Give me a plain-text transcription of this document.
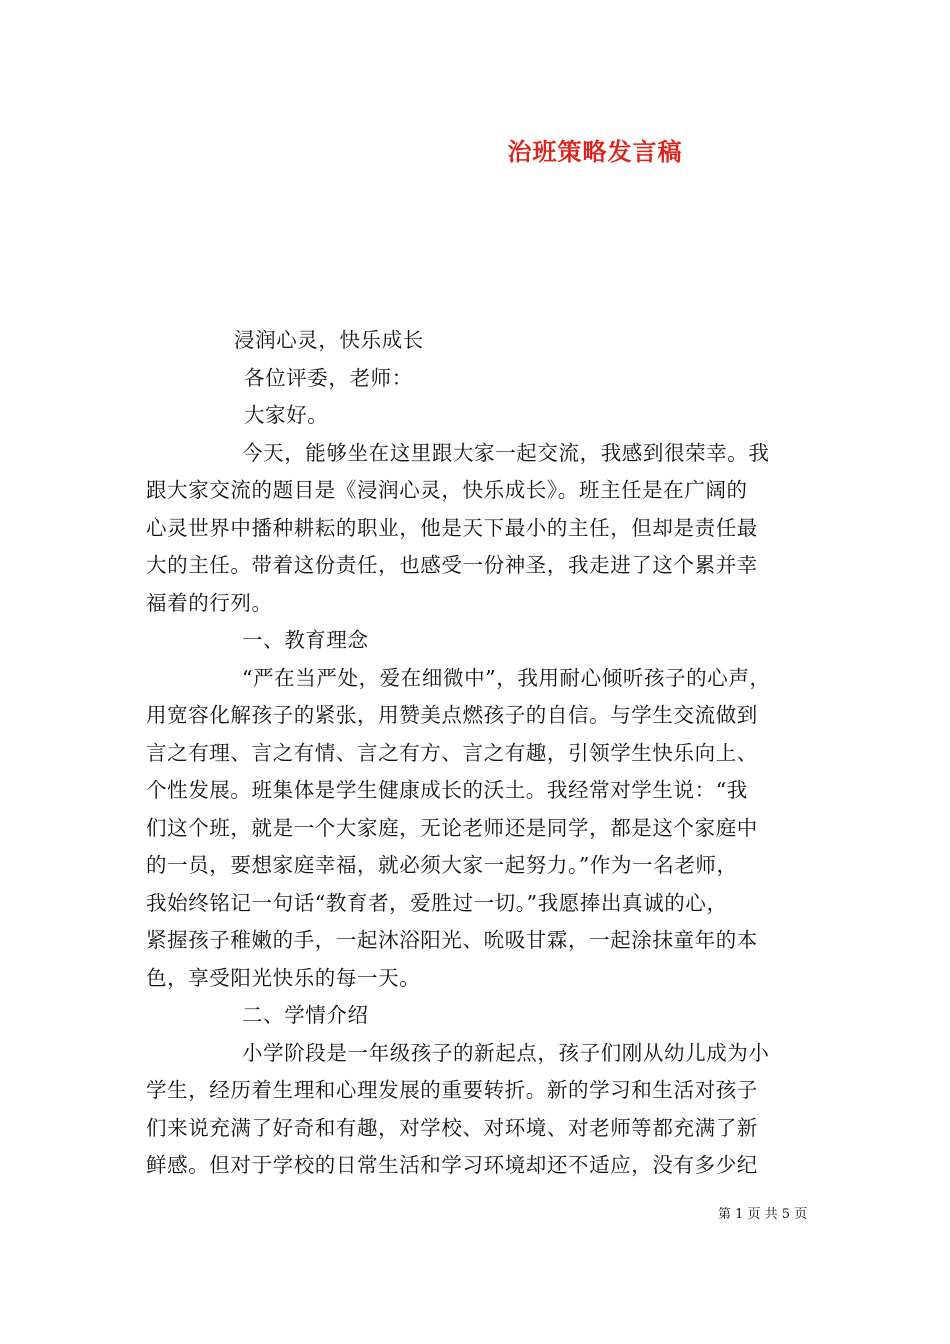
治班策略发言稿
浸润心灵，快乐成长
各位评委，老师：
大家好。
今天，能够坐在这里跟大家一起交流，我感到很荣幸。我
跟大家交流的题目是《浸润心灵，快乐成长》。班主任是在广阔的
心灵世界中播种耕耘的职业，他是天下最小的主任，但却是责任最
大的主任。带着这份责任，也感受一份神圣，我走进了这个累并幸
福着的行列。
一、教育理念
“严在当严处，爱在细微中”，我用耐心倾听孩子的心声，
用宽容化解孩子的紧张，用赞美点燃孩子的自信。与学生交流做到
言之有理、言之有情、言之有方、言之有趣，引领学生快乐向上、
个性发展。班集体是学生健康成长的沃土。我经常对学生说：“我
们这个班，就是一个大家庭，无论老师还是同学，都是这个家庭中
的一员，要想家庭幸福，就必须大家一起努力。”作为一名老师，
我始终铭记一句话“教育者，爱胜过一切。”我愿捧出真诚的心，
紧握孩子稚嫩的手，一起沐浴阳光、吮吸甘霖，一起涂抹童年的本
色，享受阳光快乐的每一天。
二、学情介绍
小学阶段是一年级孩子的新起点，孩子们刚从幼儿成为小
学生，经历着生理和心理发展的重要转折。新的学习和生活对孩子
们来说充满了好奇和有趣，对学校、对环境、对老师等都充满了新
鲜感。但对于学校的日常生活和学习环境却还不适应，没有多少纪
第 1 页 共 5 页
